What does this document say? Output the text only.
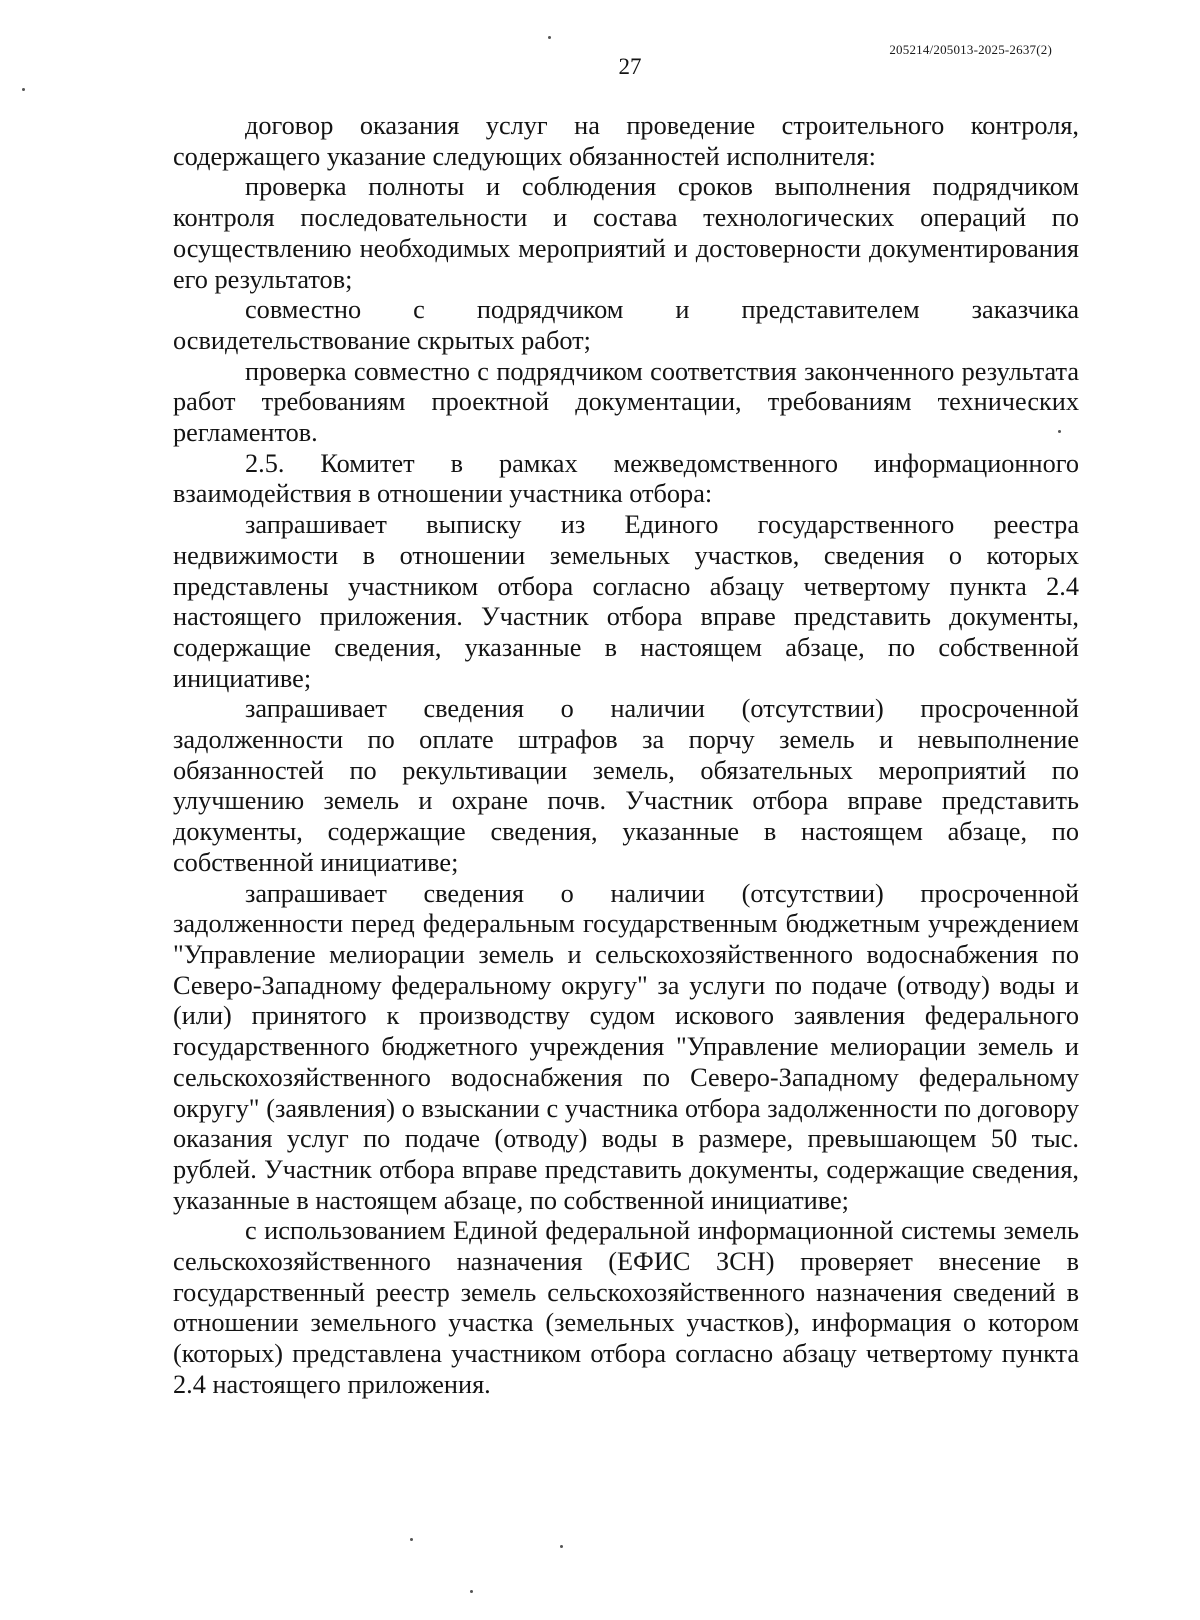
205214/205013-2025-2637(2)
27

договор оказания услуг на проведение строительного контроля, содержащего указание следующих обязанностей исполнителя:

проверка полноты и соблюдения сроков выполнения подрядчиком контроля последовательности и состава технологических операций по осуществлению необходимых мероприятий и достоверности документирования его результатов;

совместно с подрядчиком и представителем заказчика освидетельствование скрытых работ;

проверка совместно с подрядчиком соответствия законченного результата работ требованиям проектной документации, требованиям технических регламентов.

2.5. Комитет в рамках межведомственного информационного взаимодействия в отношении участника отбора:

запрашивает выписку из Единого государственного реестра недвижимости в отношении земельных участков, сведения о которых представлены участником отбора согласно абзацу четвертому пункта 2.4 настоящего приложения. Участник отбора вправе представить документы, содержащие сведения, указанные в настоящем абзаце, по собственной инициативе;

запрашивает сведения о наличии (отсутствии) просроченной задолженности по оплате штрафов за порчу земель и невыполнение обязанностей по рекультивации земель, обязательных мероприятий по улучшению земель и охране почв. Участник отбора вправе представить документы, содержащие сведения, указанные в настоящем абзаце, по собственной инициативе;

запрашивает сведения о наличии (отсутствии) просроченной задолженности перед федеральным государственным бюджетным учреждением "Управление мелиорации земель и сельскохозяйственного водоснабжения по Северо-Западному федеральному округу" за услуги по подаче (отводу) воды и (или) принятого к производству судом искового заявления федерального государственного бюджетного учреждения "Управление мелиорации земель и сельскохозяйственного водоснабжения по Северо-Западному федеральному округу" (заявления) о взыскании с участника отбора задолженности по договору оказания услуг по подаче (отводу) воды в размере, превышающем 50 тыс. рублей. Участник отбора вправе представить документы, содержащие сведения, указанные в настоящем абзаце, по собственной инициативе;

с использованием Единой федеральной информационной системы земель сельскохозяйственного назначения (ЕФИС ЗСН) проверяет внесение в государственный реестр земель сельскохозяйственного назначения сведений в отношении земельного участка (земельных участков), информация о котором (которых) представлена участником отбора согласно абзацу четвертому пункта 2.4 настоящего приложения.
